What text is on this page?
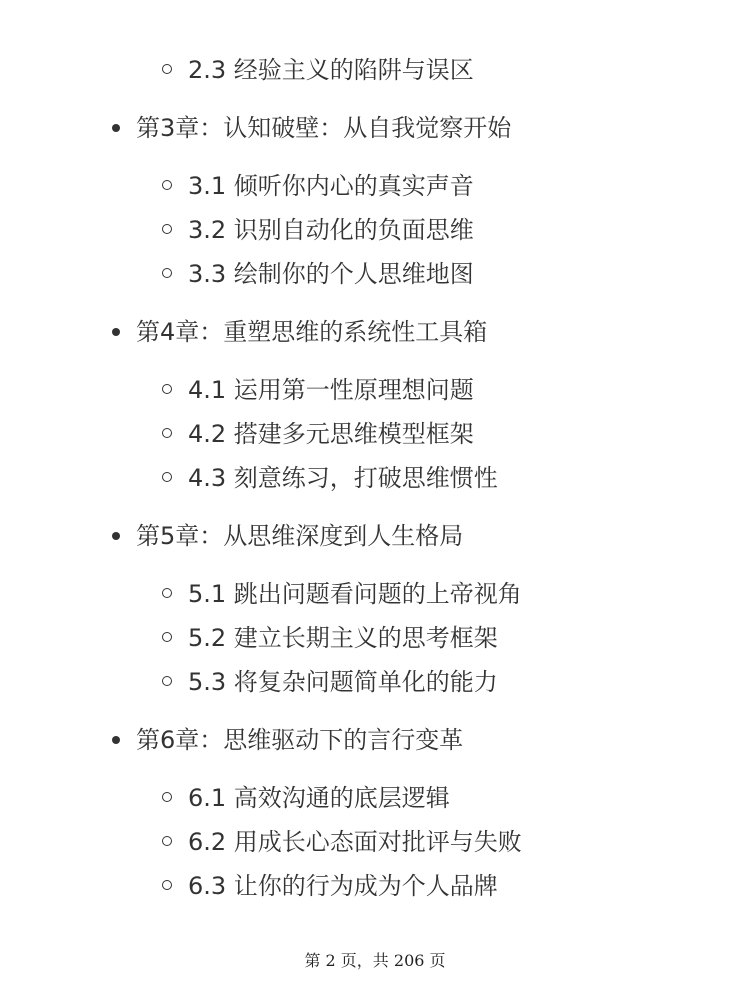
2.3 经验主义的陷阱与误区
第3章：认知破壁：从自我觉察开始
3.1 倾听你内心的真实声音
3.2 识别自动化的负面思维
3.3 绘制你的个人思维地图
第4章：重塑思维的系统性工具箱
4.1 运用第一性原理想问题
4.2 搭建多元思维模型框架
4.3 刻意练习，打破思维惯性
第5章：从思维深度到人生格局
5.1 跳出问题看问题的上帝视角
5.2 建立长期主义的思考框架
5.3 将复杂问题简单化的能力
第6章：思维驱动下的言行变革
6.1 高效沟通的底层逻辑
6.2 用成长心态面对批评与失败
6.3 让你的行为成为个人品牌
第 2 页，共 206 页
